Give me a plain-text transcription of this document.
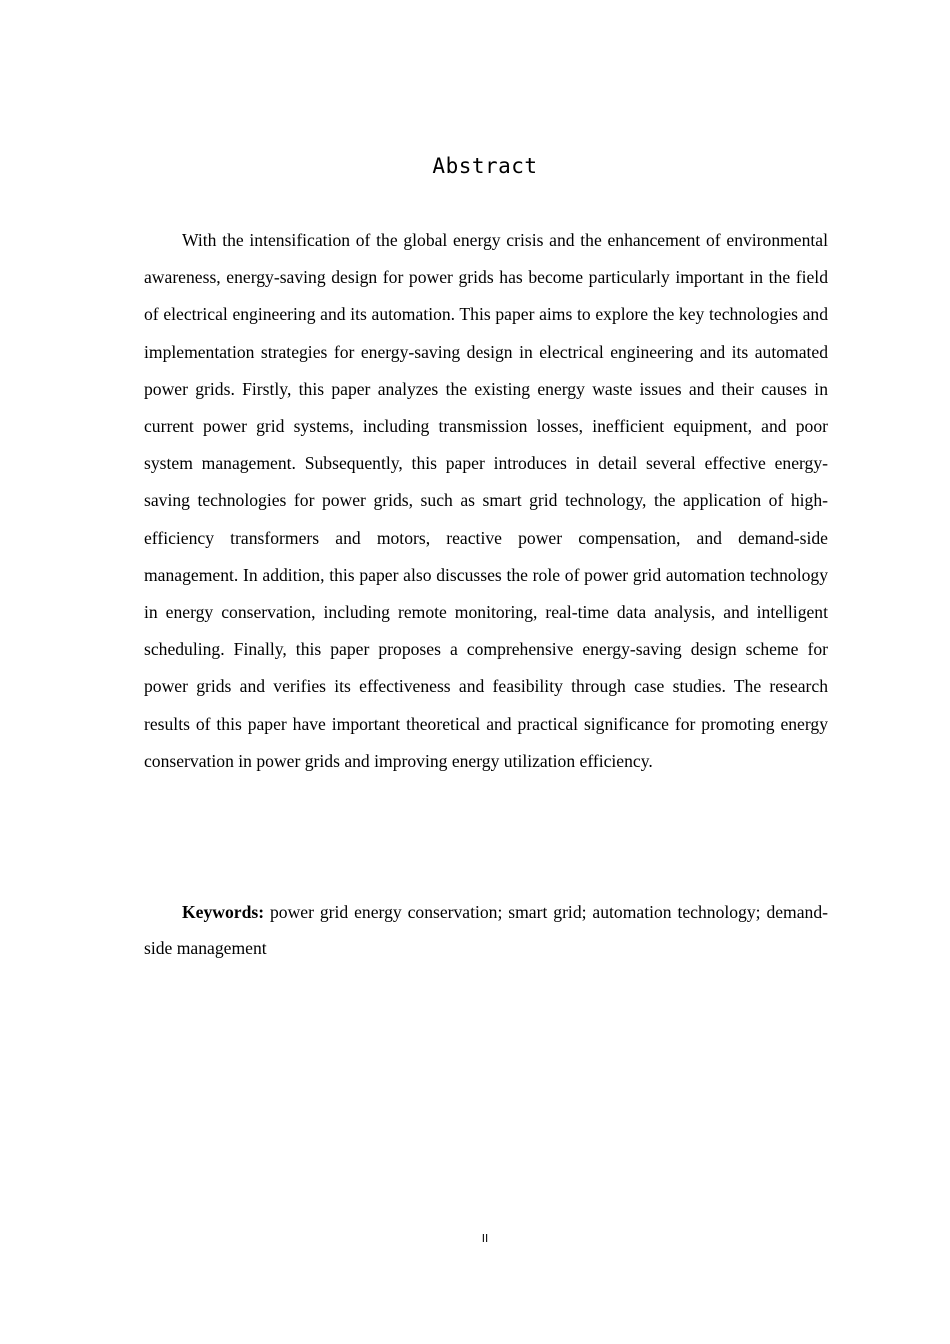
Abstract

With the intensification of the global energy crisis and the enhancement of environmental awareness, energy-saving design for power grids has become particularly important in the field of electrical engineering and its automation. This paper aims to explore the key technologies and implementation strategies for energy-saving design in electrical engineering and its automated power grids. Firstly, this paper analyzes the existing energy waste issues and their causes in current power grid systems, including transmission losses, inefficient equipment, and poor system management. Subsequently, this paper introduces in detail several effective energy-saving technologies for power grids, such as smart grid technology, the application of high-efficiency transformers and motors, reactive power compensation, and demand-side management. In addition, this paper also discusses the role of power grid automation technology in energy conservation, including remote monitoring, real-time data analysis, and intelligent scheduling. Finally, this paper proposes a comprehensive energy-saving design scheme for power grids and verifies its effectiveness and feasibility through case studies. The research results of this paper have important theoretical and practical significance for promoting energy conservation in power grids and improving energy utilization efficiency.

Keywords: power grid energy conservation; smart grid; automation technology; demand-side management

II
